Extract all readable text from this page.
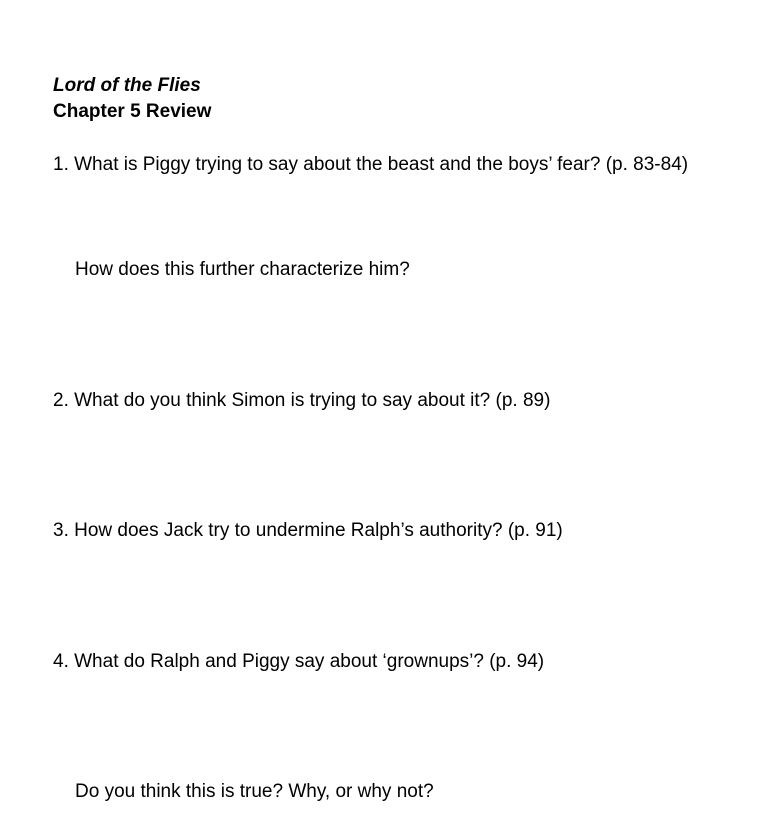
Lord of the Flies

Chapter 5 Review

1. What is Piggy trying to say about the beast and the boys’ fear? (p. 83-84)

How does this further characterize him?

2. What do you think Simon is trying to say about it? (p. 89)

3. How does Jack try to undermine Ralph’s authority? (p. 91)

4. What do Ralph and Piggy say about ‘grownups’? (p. 94)

Do you think this is true? Why, or why not?
